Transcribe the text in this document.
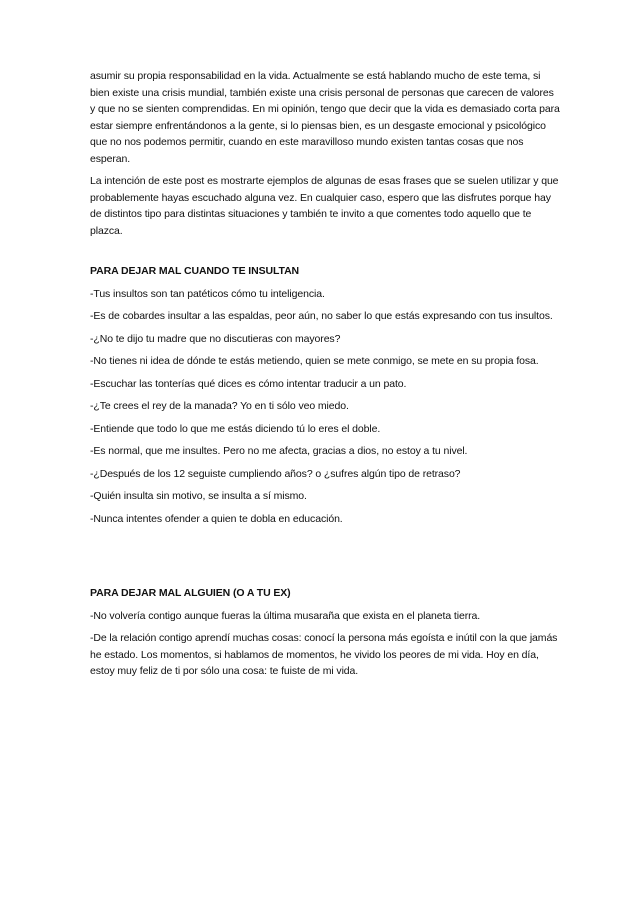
asumir su propia responsabilidad en la vida. Actualmente se está hablando mucho de este tema, si bien existe una crisis mundial, también existe una crisis personal de personas que carecen de valores y que no se sienten comprendidas. En mi opinión, tengo que decir que la vida es demasiado corta para estar siempre enfrentándonos a la gente, si lo piensas bien, es un desgaste emocional y psicológico que no nos podemos permitir, cuando en este maravilloso mundo existen tantas cosas que nos esperan.

La intención de este post es mostrarte ejemplos de algunas de esas frases que se suelen utilizar y que probablemente hayas escuchado alguna vez. En cualquier caso, espero que las disfrutes porque hay de distintos tipo para distintas situaciones y también te invito a que comentes todo aquello que te plazca.

PARA DEJAR MAL CUANDO TE INSULTAN

-Tus insultos son tan patéticos cómo tu inteligencia.

-Es de cobardes insultar a las espaldas, peor aún, no saber lo que estás expresando con tus insultos.

-¿No te dijo tu madre que no discutieras con mayores?

-No tienes ni idea de dónde te estás metiendo, quien se mete conmigo, se mete en su propia fosa.

-Escuchar las tonterías qué dices es cómo intentar traducir a un pato.

-¿Te crees el rey de la manada? Yo en ti sólo veo miedo.

-Entiende que todo lo que me estás diciendo tú lo eres el doble.

-Es normal, que me insultes. Pero no me afecta, gracias a dios, no estoy a tu nivel.

-¿Después de los 12 seguiste cumpliendo años? o ¿sufres algún tipo de retraso?

-Quién insulta sin motivo, se insulta a sí mismo.

-Nunca intentes ofender a quien te dobla en educación.

PARA DEJAR MAL ALGUIEN (O A TU EX)

-No volvería contigo aunque fueras la última musaraña que exista en el planeta tierra.

-De la relación contigo aprendí muchas cosas: conocí la persona más egoísta e inútil con la que jamás he estado. Los momentos, si hablamos de momentos, he vivido los peores de mi vida. Hoy en día, estoy muy feliz de ti por sólo una cosa: te fuiste de mi vida.
